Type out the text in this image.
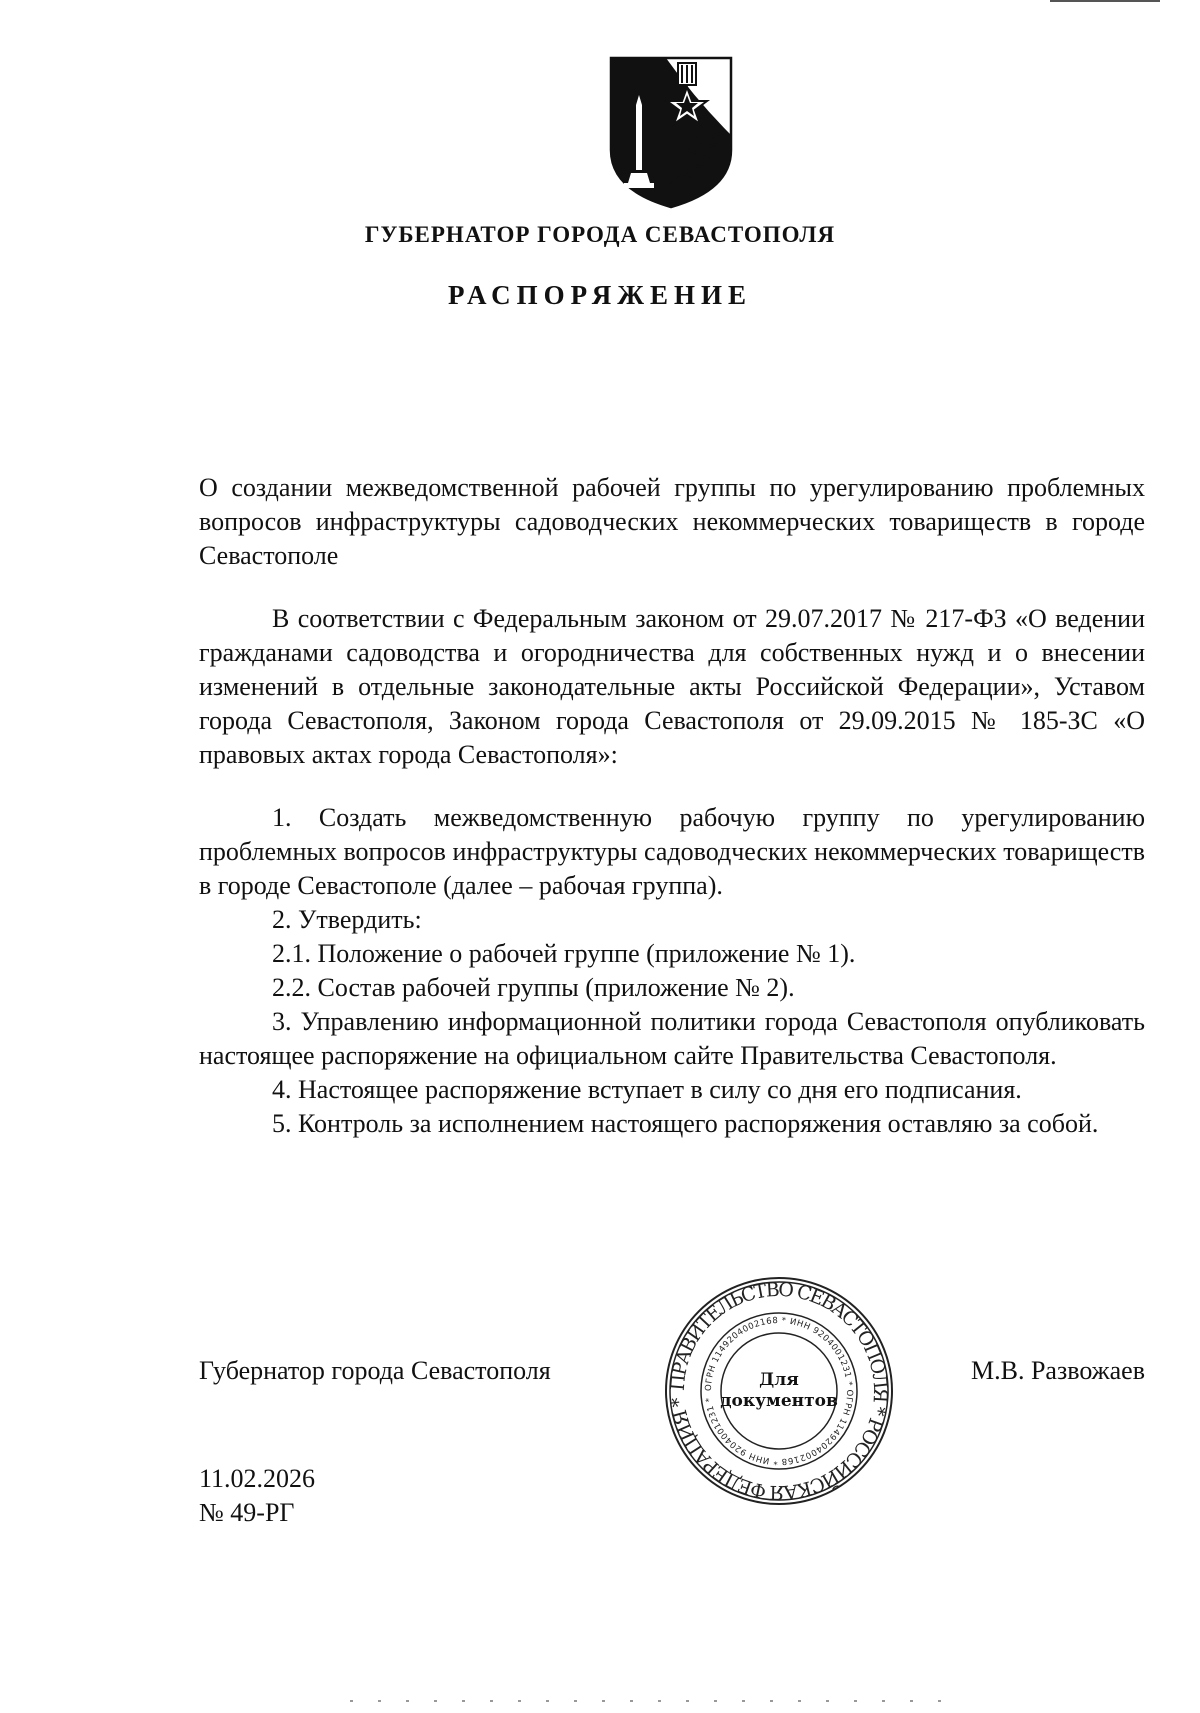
ГУБЕРНАТОР ГОРОДА СЕВАСТОПОЛЯ
РАСПОРЯЖЕНИЕ
О создании межведомственной рабочей группы по урегулированию проблемных вопросов инфраструктуры садоводческих некоммерческих товариществ в городе Севастополе
В соответствии с Федеральным законом от 29.07.2017 № 217-ФЗ «О ведении гражданами садоводства и огородничества для собственных нужд и о внесении изменений в отдельные законодательные акты Российской Федерации», Уставом города Севастополя, Законом города Севастополя от 29.09.2015 № 185-ЗС «О правовых актах города Севастополя»:

1. Создать межведомственную рабочую группу по урегулированию проблемных вопросов инфраструктуры садоводческих некоммерческих товариществ в городе Севастополе (далее – рабочая группа).

2. Утвердить:

2.1. Положение о рабочей группе (приложение № 1).

2.2. Состав рабочей группы (приложение № 2).

3. Управлению информационной политики города Севастополя опубликовать настоящее распоряжение на официальном сайте Правительства Севастополя.

4. Настоящее распоряжение вступает в силу со дня его подписания.

5. Контроль за исполнением настоящего распоряжения оставляю за собой.

Губернатор города Севастополя	М.В. Развожаев
ПРАВИТЕЛЬСТВО СЕВАСТОПОЛЯ * РОССИЙСКАЯ ФЕДЕРАЦИЯ *
ОГРН 1149204002168 * ИНН 9204001231 * ОГРН 1149204002168 * ИНН 9204001231 *
Для
документов
11.02.2026
№ 49-РГ
